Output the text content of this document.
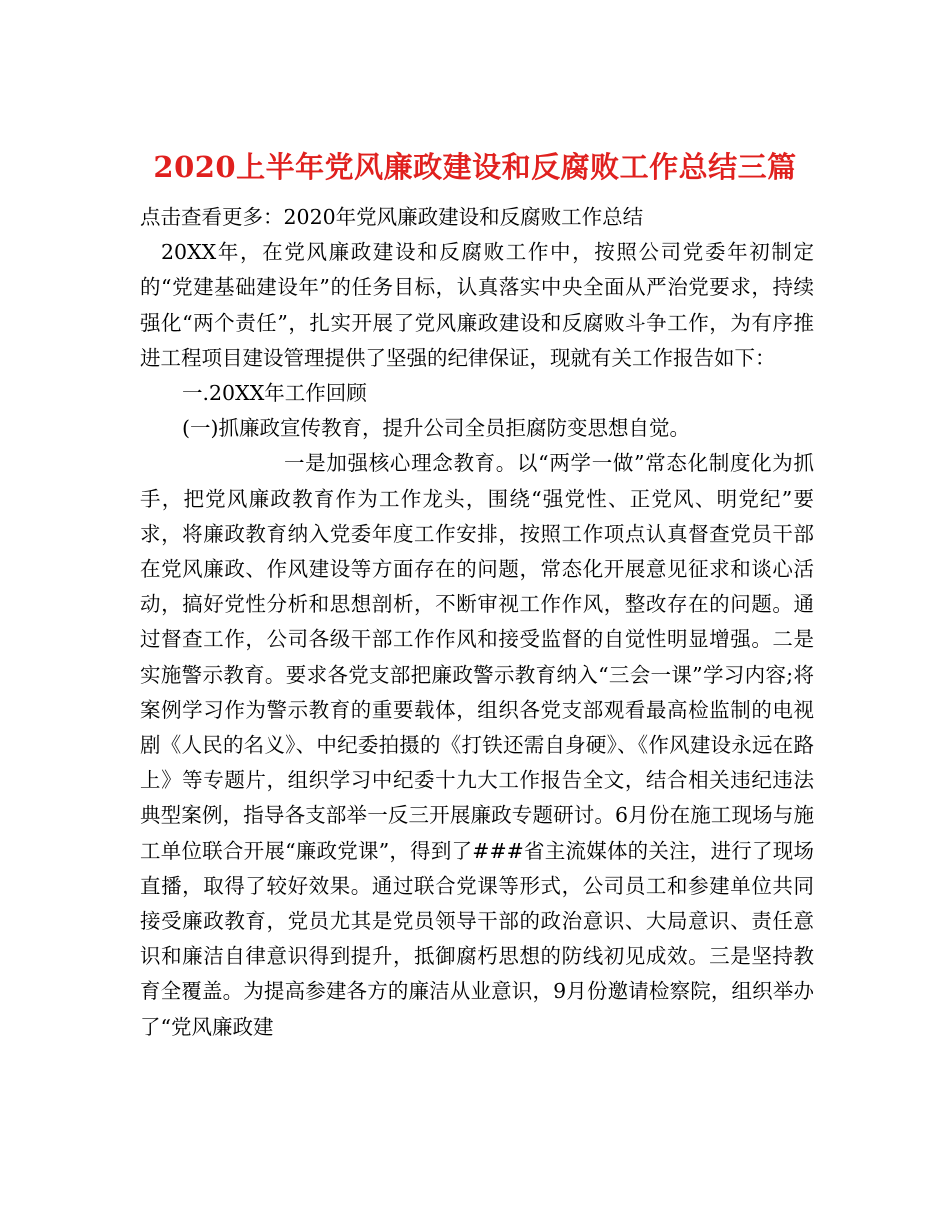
2020上半年党风廉政建设和反腐败工作总结三篇

点击查看更多：2020年党风廉政建设和反腐败工作总结

20XX年，在党风廉政建设和反腐败工作中，按照公司党委年初制定的“党建基础建设年”的任务目标，认真落实中央全面从严治党要求，持续强化“两个责任”，扎实开展了党风廉政建设和反腐败斗争工作，为有序推进工程项目建设管理提供了坚强的纪律保证，现就有关工作报告如下：

一.20XX年工作回顾

(一)抓廉政宣传教育，提升公司全员拒腐防变思想自觉。

一是加强核心理念教育。以“两学一做”常态化制度化为抓手，把党风廉政教育作为工作龙头，围绕“强党性、正党风、明党纪”要求，将廉政教育纳入党委年度工作安排，按照工作项点认真督查党员干部在党风廉政、作风建设等方面存在的问题，常态化开展意见征求和谈心活动，搞好党性分析和思想剖析，不断审视工作作风，整改存在的问题。通过督查工作，公司各级干部工作作风和接受监督的自觉性明显增强。二是实施警示教育。要求各党支部把廉政警示教育纳入“三会一课”学习内容;将案例学习作为警示教育的重要载体，组织各党支部观看最高检监制的电视剧《人民的名义》、中纪委拍摄的《打铁还需自身硬》、《作风建设永远在路上》等专题片，组织学习中纪委十九大工作报告全文，结合相关违纪违法典型案例，指导各支部举一反三开展廉政专题研讨。6月份在施工现场与施工单位联合开展“廉政党课”，得到了###省主流媒体的关注，进行了现场直播，取得了较好效果。通过联合党课等形式，公司员工和参建单位共同接受廉政教育，党员尤其是党员领导干部的政治意识、大局意识、责任意识和廉洁自律意识得到提升，抵御腐朽思想的防线初见成效。三是坚持教育全覆盖。为提高参建各方的廉洁从业意识，9月份邀请检察院，组织举办了“党风廉政建
